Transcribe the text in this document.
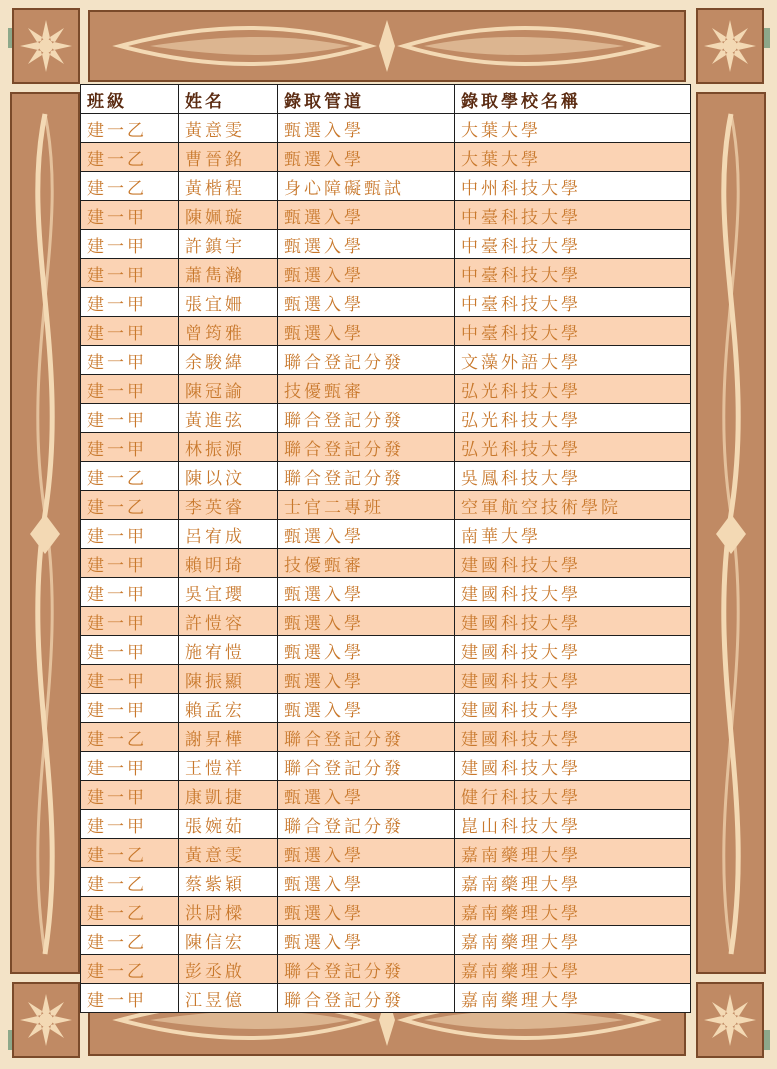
班級	姓名	錄取管道	錄取學校名稱
建一乙	黃意雯	甄選入學	大葉大學
建一乙	曹晉銘	甄選入學	大葉大學
建一乙	黃楷程	身心障礙甄試	中州科技大學
建一甲	陳姵璇	甄選入學	中臺科技大學
建一甲	許鎮宇	甄選入學	中臺科技大學
建一甲	蕭雋瀚	甄選入學	中臺科技大學
建一甲	張宜姍	甄選入學	中臺科技大學
建一甲	曾筠雅	甄選入學	中臺科技大學
建一甲	余駿緯	聯合登記分發	文藻外語大學
建一甲	陳冠諭	技優甄審	弘光科技大學
建一甲	黃進弦	聯合登記分發	弘光科技大學
建一甲	林振源	聯合登記分發	弘光科技大學
建一乙	陳以汶	聯合登記分發	吳鳳科技大學
建一乙	李英睿	士官二專班	空軍航空技術學院
建一甲	呂宥成	甄選入學	南華大學
建一甲	賴明琦	技優甄審	建國科技大學
建一甲	吳宜瓔	甄選入學	建國科技大學
建一甲	許愷容	甄選入學	建國科技大學
建一甲	施宥愷	甄選入學	建國科技大學
建一甲	陳振顯	甄選入學	建國科技大學
建一甲	賴孟宏	甄選入學	建國科技大學
建一乙	謝昇樺	聯合登記分發	建國科技大學
建一甲	王愷祥	聯合登記分發	建國科技大學
建一甲	康凱捷	甄選入學	健行科技大學
建一甲	張婉茹	聯合登記分發	崑山科技大學
建一乙	黃意雯	甄選入學	嘉南藥理大學
建一乙	蔡紫穎	甄選入學	嘉南藥理大學
建一乙	洪尉樑	甄選入學	嘉南藥理大學
建一乙	陳信宏	甄選入學	嘉南藥理大學
建一乙	彭丞啟	聯合登記分發	嘉南藥理大學
建一甲	江昱億	聯合登記分發	嘉南藥理大學
